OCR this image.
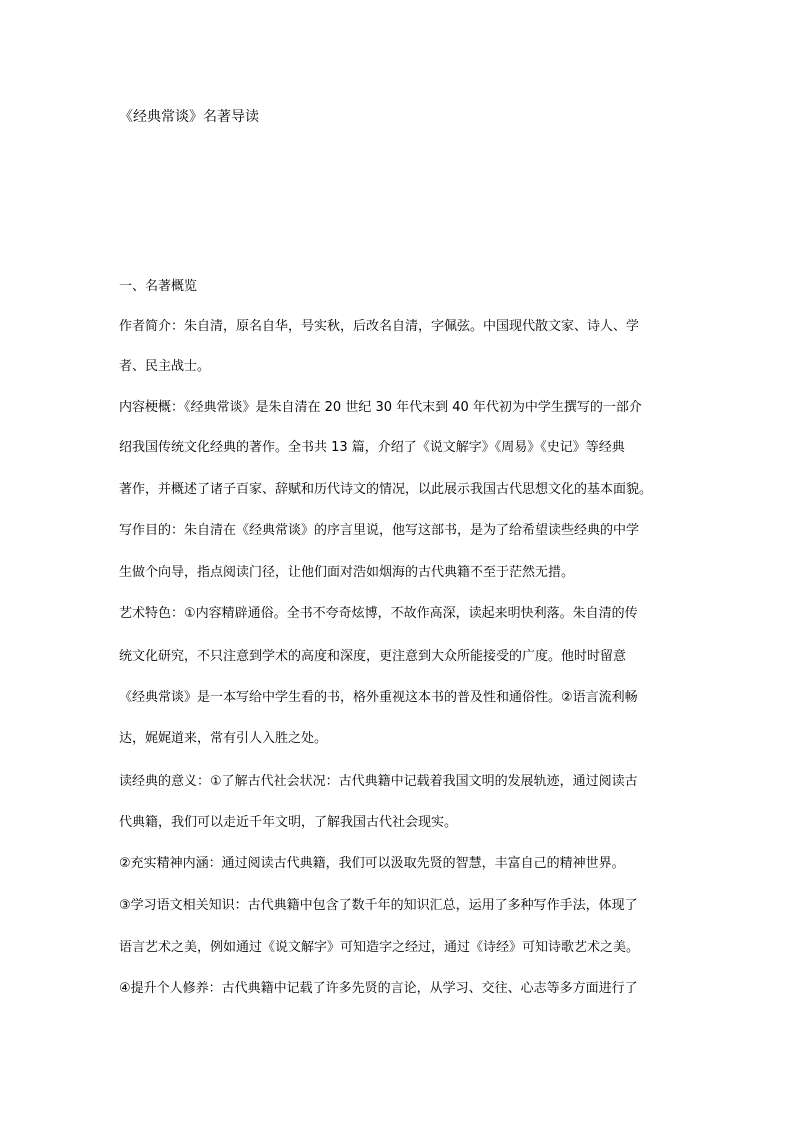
《经典常谈》名著导读
一、名著概览
作者简介：朱自清，原名自华，号实秋，后改名自清，字佩弦。中国现代散文家、诗人、学
者、民主战士。
内容梗概：《经典常谈》是朱自清在 20 世纪 30 年代末到 40 年代初为中学生撰写的一部介
绍我国传统文化经典的著作。全书共 13 篇，介绍了《说文解字》《周易》《史记》等经典
著作，并概述了诸子百家、辞赋和历代诗文的情况，以此展示我国古代思想文化的基本面貌。
写作目的：朱自清在《经典常谈》的序言里说，他写这部书，是为了给希望读些经典的中学
生做个向导，指点阅读门径，让他们面对浩如烟海的古代典籍不至于茫然无措。
艺术特色：①内容精辟通俗。全书不夸奇炫博，不故作高深，读起来明快利落。朱自清的传
统文化研究，不只注意到学术的高度和深度，更注意到大众所能接受的广度。他时时留意
《经典常谈》是一本写给中学生看的书，格外重视这本书的普及性和通俗性。②语言流利畅
达，娓娓道来，常有引人入胜之处。
读经典的意义：①了解古代社会状况：古代典籍中记载着我国文明的发展轨迹，通过阅读古
代典籍，我们可以走近千年文明，了解我国古代社会现实。
②充实精神内涵：通过阅读古代典籍，我们可以汲取先贤的智慧，丰富自己的精神世界。
③学习语文相关知识：古代典籍中包含了数千年的知识汇总，运用了多种写作手法，体现了
语言艺术之美，例如通过《说文解字》可知造字之经过，通过《诗经》可知诗歌艺术之美。
④提升个人修养：古代典籍中记载了许多先贤的言论，从学习、交往、心志等多方面进行了
